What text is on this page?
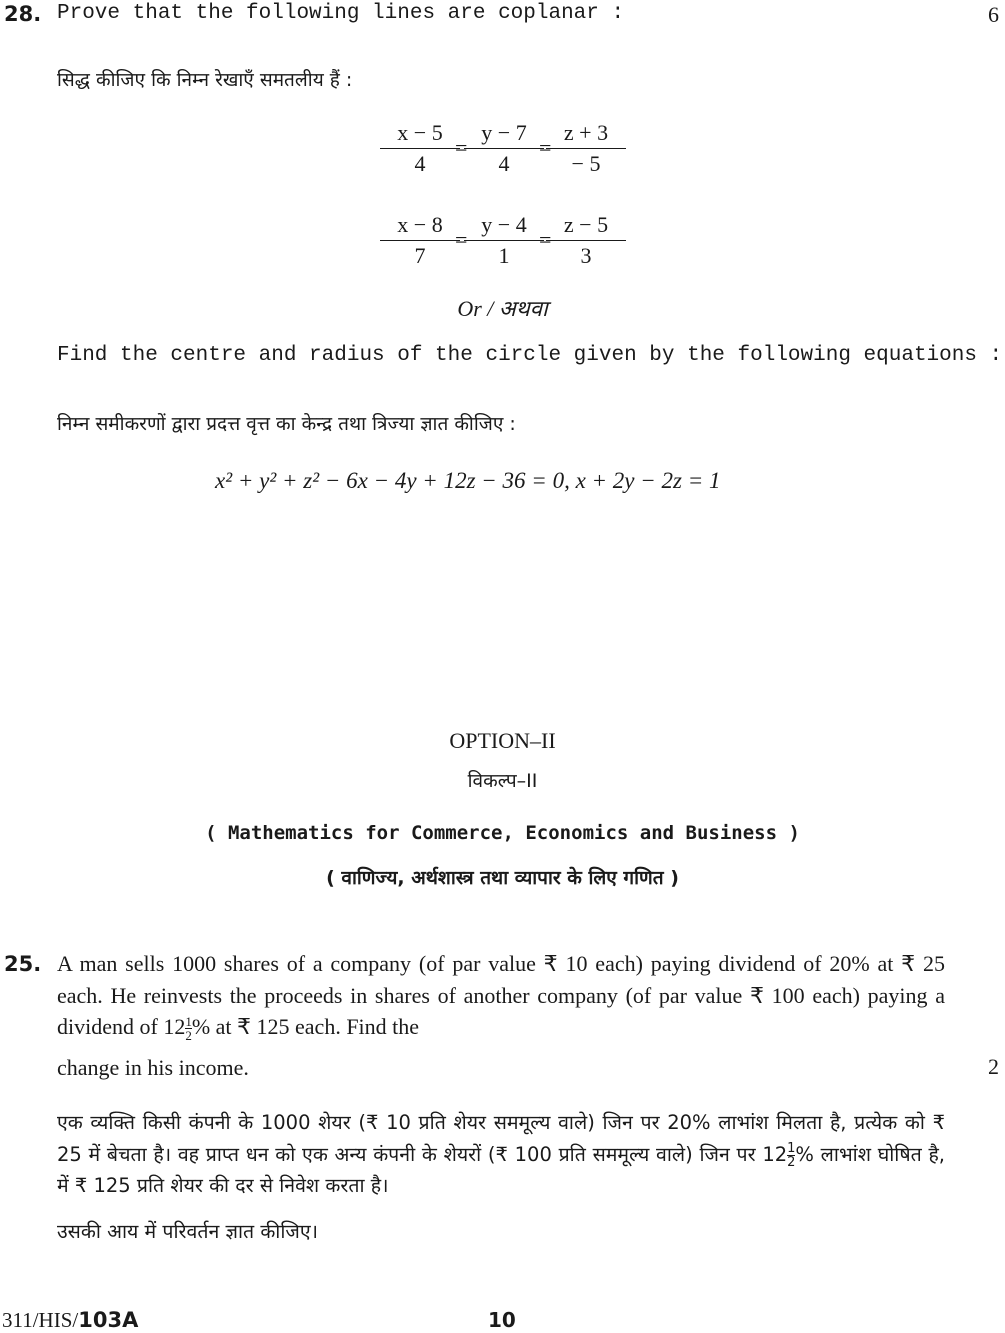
28. Prove that the following lines are coplanar :	6
सिद्ध कीजिए कि निम्न रेखाएँ समतलीय हैं :
$\frac{x - 5}{4}$
=
$\frac{y - 7}{4}$
=
$\frac{z + 3}{- 5}$
$\frac{x - 8}{7}$
=
$\frac{y - 4}{1}$
=
$\frac{z - 5}{3}$
Or / अथवा
Find the centre and radius of the circle given by the following equations :
निम्न समीकरणों द्वारा प्रदत्त वृत्त का केन्द्र तथा त्रिज्या ज्ञात कीजिए :
x² + y² + z² − 6x − 4y + 12z − 36 = 0, x + 2y − 2z = 1
OPTION–II
विकल्प–II
( Mathematics for Commerce, Economics and Business )
( वाणिज्य, अर्थशास्त्र तथा व्यापार के लिए गणित )
25. A man sells 1000 shares of a company (of par value ₹ 10 each) paying dividend of 20% at ₹ 25 each. He reinvests the proceeds in shares of another company (of par value ₹ 100 each) paying a dividend of $12 \frac{1}{2}$ % at ₹ 125 each. Find the
change in his income.	2
एक व्यक्ति किसी कंपनी के 1000 शेयर (₹ 10 प्रति शेयर सममूल्य वाले) जिन पर 20% लाभांश मिलता है, प्रत्येक को ₹ 25 में बेचता है। वह प्राप्त धन को एक अन्य कंपनी के शेयरों (₹ 100 प्रति सममूल्य वाले) जिन पर $12 \frac{1}{2}$ % लाभांश घोषित है, में ₹ 125 प्रति शेयर की दर से निवेश करता है।
उसकी आय में परिवर्तन ज्ञात कीजिए।
311/HIS/103A	10
